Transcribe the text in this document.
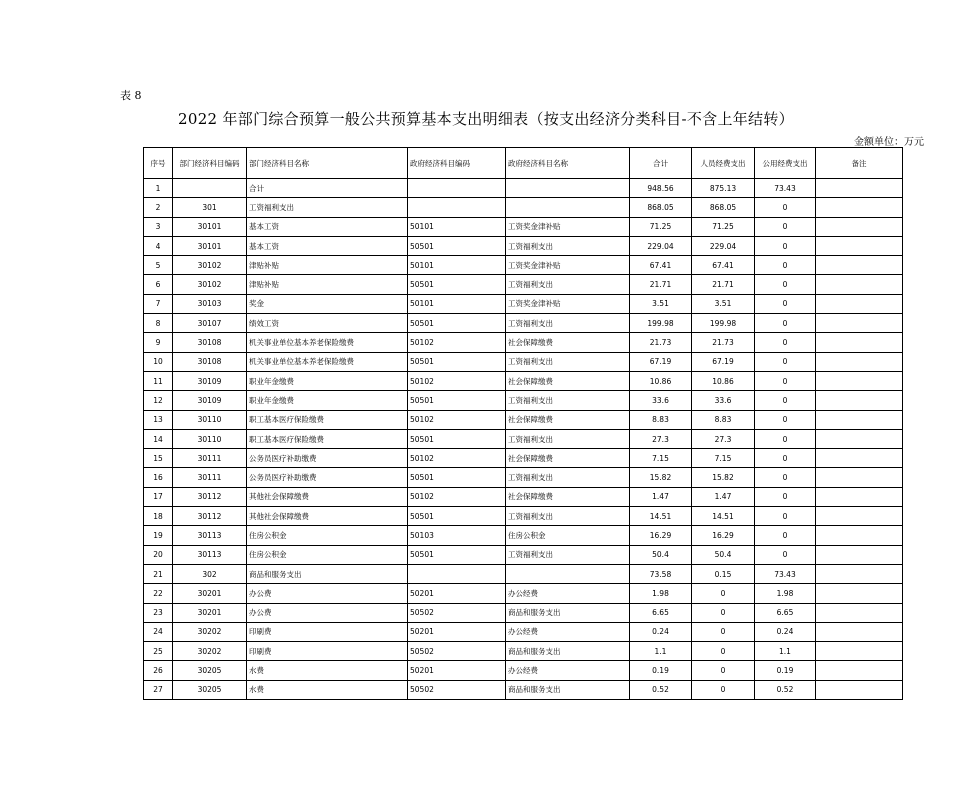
表 8
2022 年部门综合预算一般公共预算基本支出明细表（按支出经济分类科目-不含上年结转）
金额单位：万元
序号	部门经济科目编码	部门经济科目名称	政府经济科目编码	政府经济科目名称	合计	人员经费支出	公用经费支出	备注
1		合计			948.56	875.13	73.43	
2	301	工资福利支出			868.05	868.05	0	
3	30101	基本工资	50101	工资奖金津补贴	71.25	71.25	0	
4	30101	基本工资	50501	工资福利支出	229.04	229.04	0	
5	30102	津贴补贴	50101	工资奖金津补贴	67.41	67.41	0	
6	30102	津贴补贴	50501	工资福利支出	21.71	21.71	0	
7	30103	奖金	50101	工资奖金津补贴	3.51	3.51	0	
8	30107	绩效工资	50501	工资福利支出	199.98	199.98	0	
9	30108	机关事业单位基本养老保险缴费	50102	社会保障缴费	21.73	21.73	0	
10	30108	机关事业单位基本养老保险缴费	50501	工资福利支出	67.19	67.19	0	
11	30109	职业年金缴费	50102	社会保障缴费	10.86	10.86	0	
12	30109	职业年金缴费	50501	工资福利支出	33.6	33.6	0	
13	30110	职工基本医疗保险缴费	50102	社会保障缴费	8.83	8.83	0	
14	30110	职工基本医疗保险缴费	50501	工资福利支出	27.3	27.3	0	
15	30111	公务员医疗补助缴费	50102	社会保障缴费	7.15	7.15	0	
16	30111	公务员医疗补助缴费	50501	工资福利支出	15.82	15.82	0	
17	30112	其他社会保障缴费	50102	社会保障缴费	1.47	1.47	0	
18	30112	其他社会保障缴费	50501	工资福利支出	14.51	14.51	0	
19	30113	住房公积金	50103	住房公积金	16.29	16.29	0	
20	30113	住房公积金	50501	工资福利支出	50.4	50.4	0	
21	302	商品和服务支出			73.58	0.15	73.43	
22	30201	办公费	50201	办公经费	1.98	0	1.98	
23	30201	办公费	50502	商品和服务支出	6.65	0	6.65	
24	30202	印刷费	50201	办公经费	0.24	0	0.24	
25	30202	印刷费	50502	商品和服务支出	1.1	0	1.1	
26	30205	水费	50201	办公经费	0.19	0	0.19	
27	30205	水费	50502	商品和服务支出	0.52	0	0.52	
